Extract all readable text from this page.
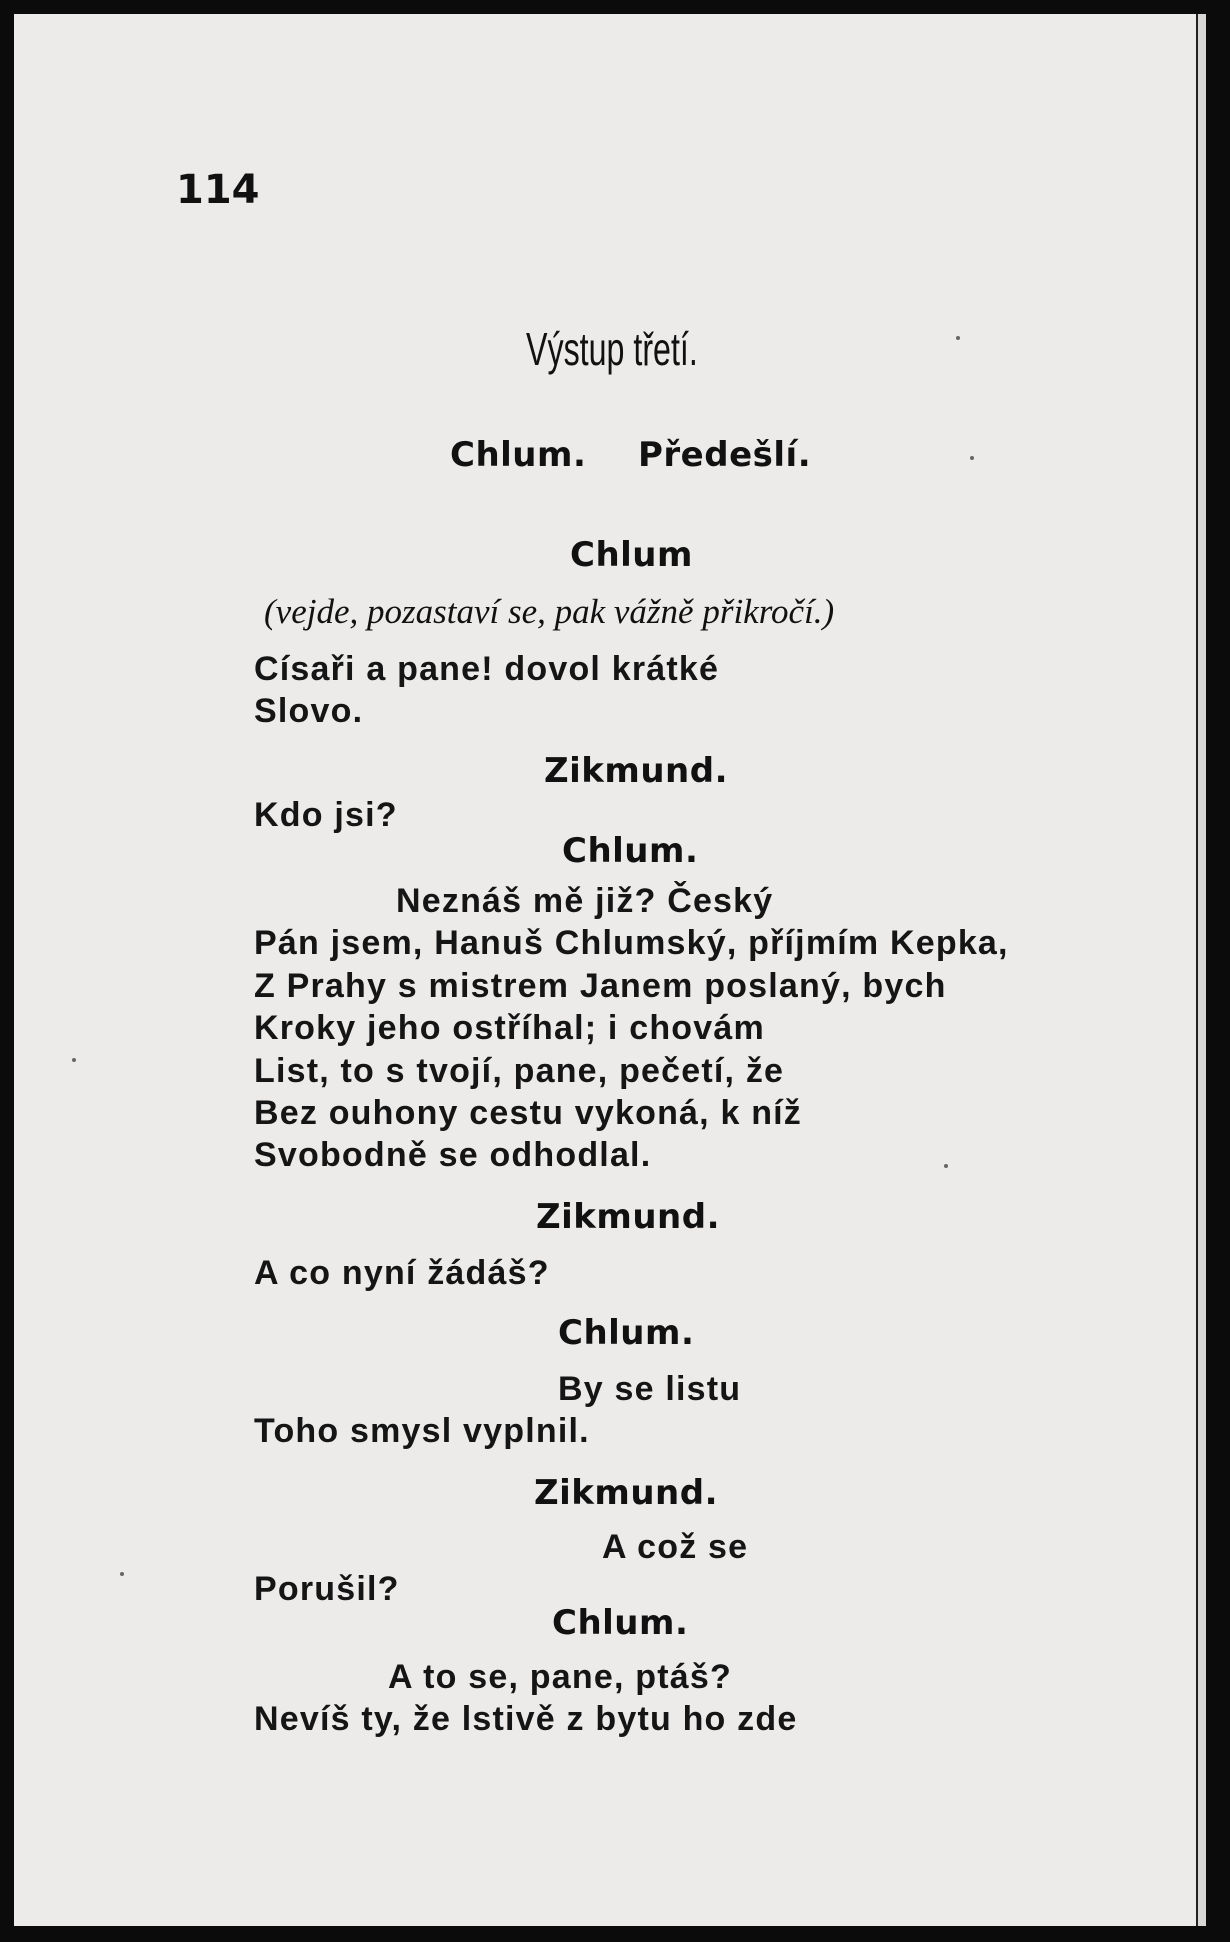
114
Výstup třetí.
Chlum. Předešlí.
Chlum
(vejde, pozastaví se, pak vážně přikročí.)
Císaři a pane! dovol krátké
Slovo.
Zikmund.
Kdo jsi?
Chlum.
Neznáš mě již? Český
Pán jsem, Hanuš Chlumský, příjmím Kepka,
Z Prahy s mistrem Janem poslaný, bych
Kroky jeho ostříhal; i chovám
List, to s tvojí, pane, pečetí, že
Bez ouhony cestu vykoná, k níž
Svobodně se odhodlal.
Zikmund.
A co nyní žádáš?
Chlum.
By se listu
Toho smysl vyplnil.
Zikmund.
A což se
Porušil?
Chlum.
A to se, pane, ptáš?
Nevíš ty, že lstivě z bytu ho zde
